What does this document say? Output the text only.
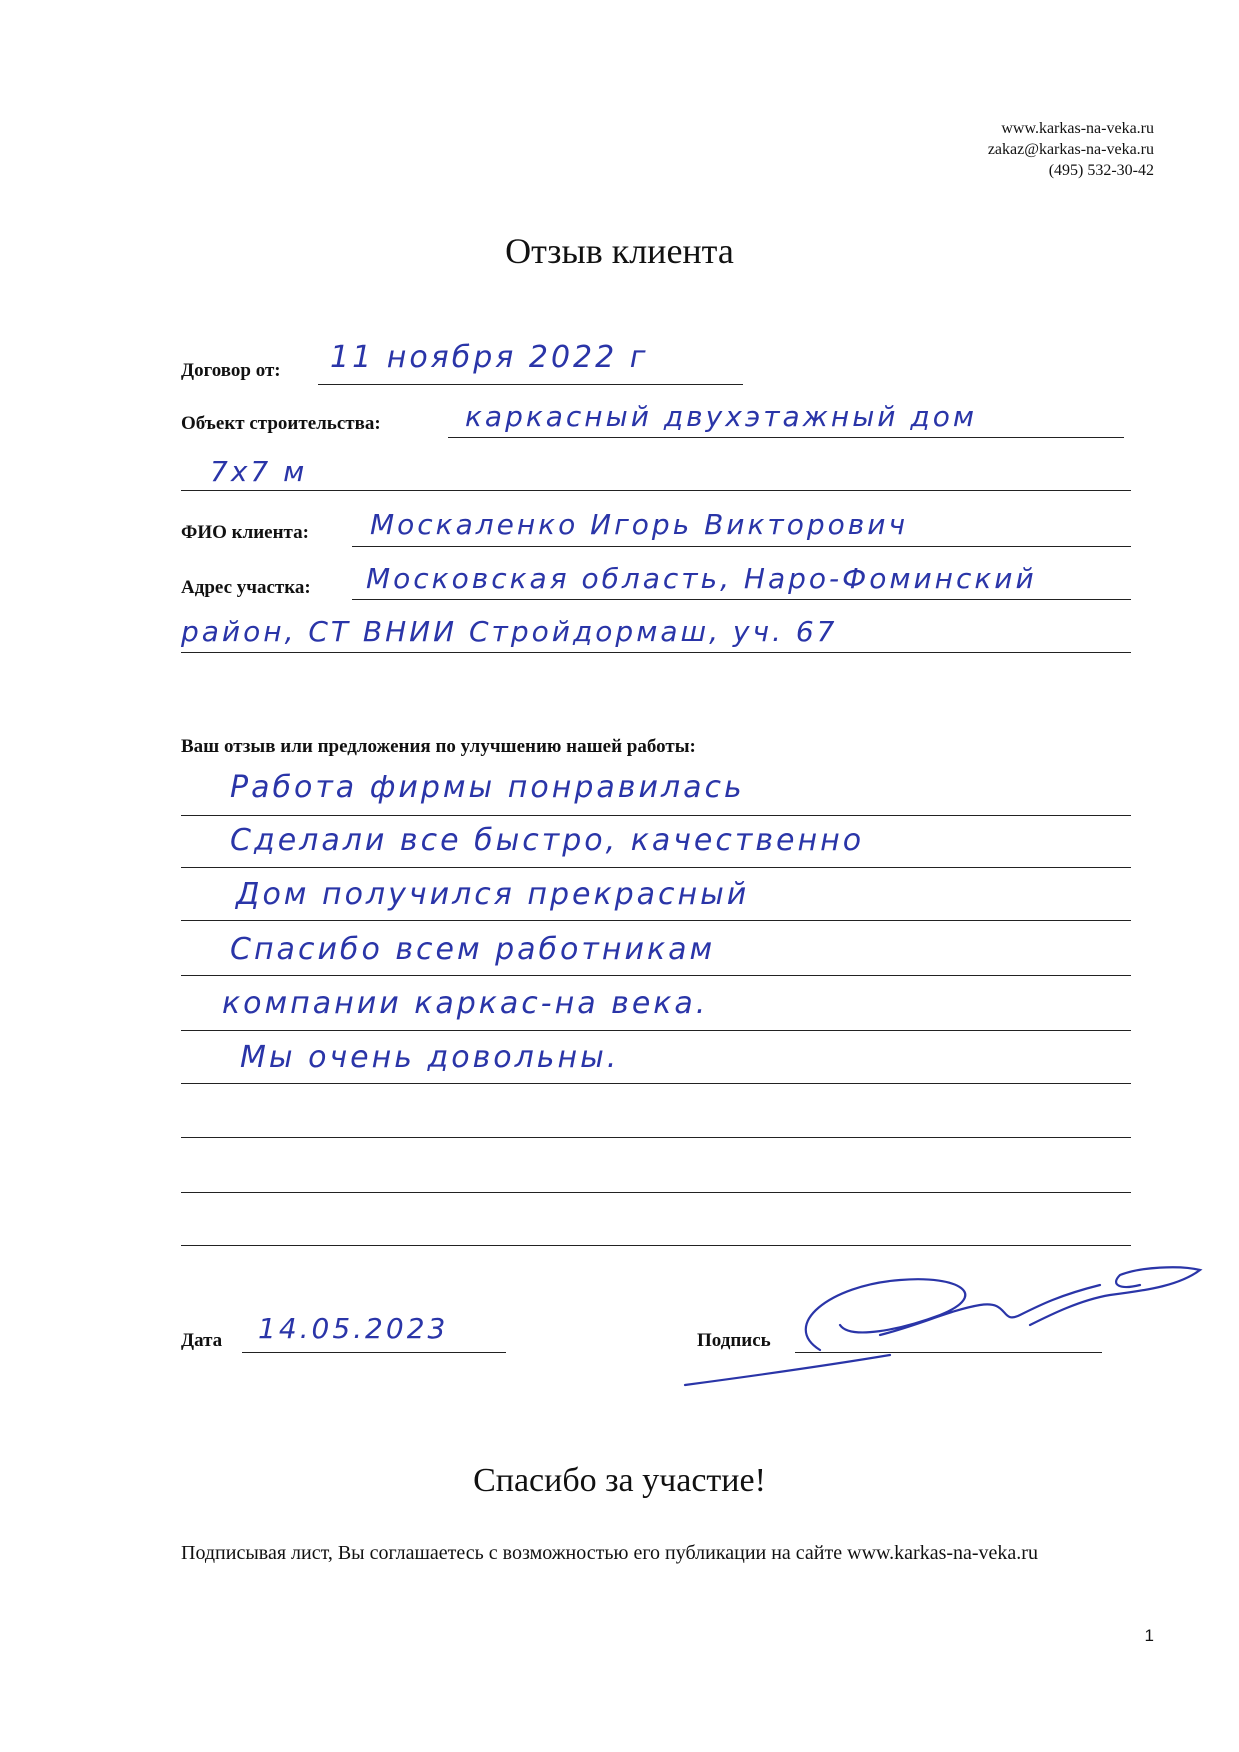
www.karkas-na-veka.ru
zakaz@karkas-na-veka.ru
(495) 532-30-42
Отзыв клиента
Договор от: 11 ноября 2022 г
Объект строительства:	каркасный двухэтажный дом
7х7 м
ФИО клиента: Москаленко Игорь Викторович
Адрес участка: Московская область, Наро-Фоминский
район, СТ ВНИИ Стройдормаш, уч. 67
Ваш отзыв или предложения по улучшению нашей работы:
Работа фирмы понравилась
Сделали все быстро, качественно
Дом получился прекрасный
Спасибо всем работникам
компании каркас-на века.
Мы очень довольны.
Дата 14.05.2023	Подпись
Спасибо за участие!
Подписывая лист, Вы соглашаетесь с возможностью его публикации на сайте www.karkas-na-veka.ru
1
